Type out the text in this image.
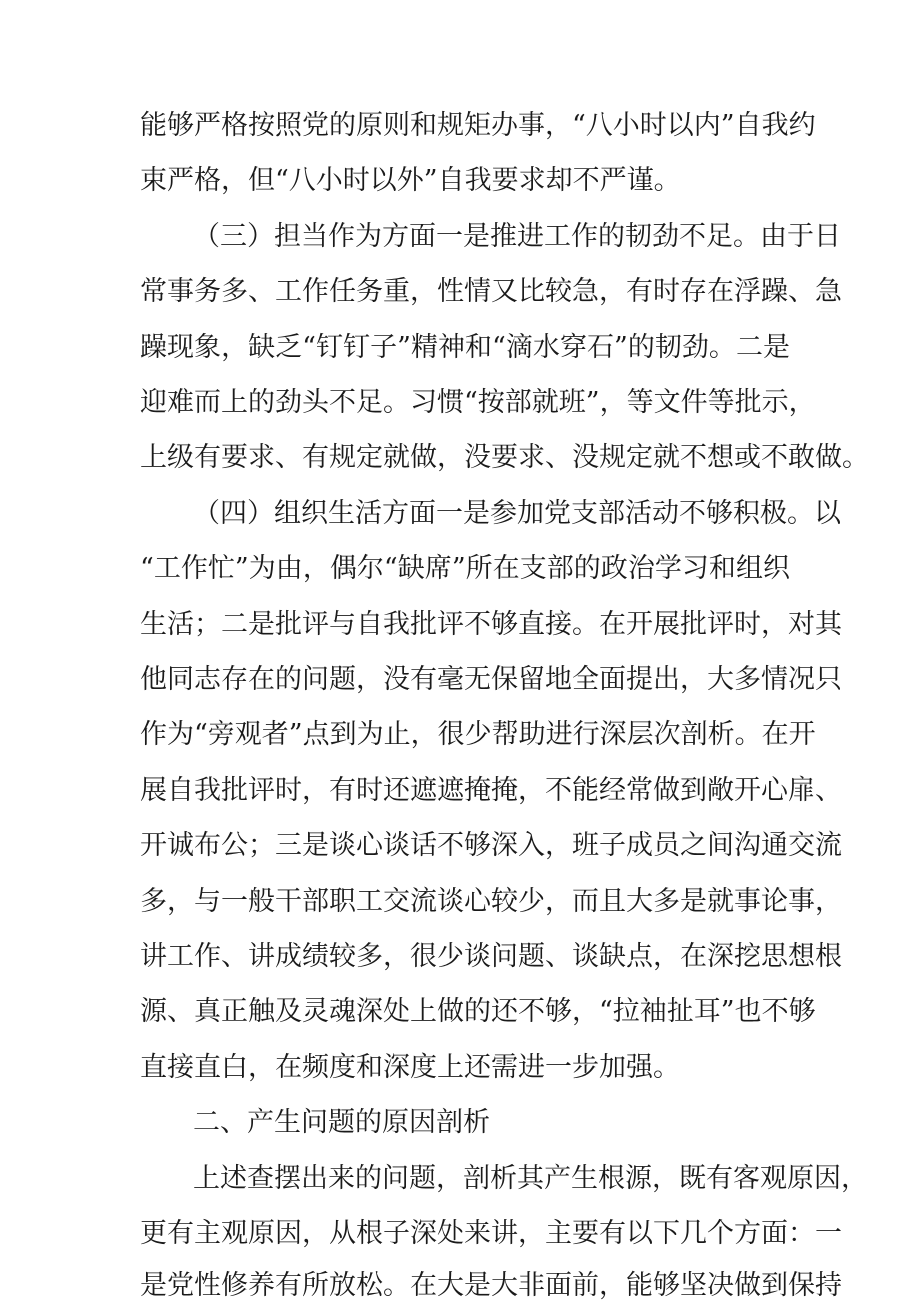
能够严格按照党的原则和规矩办事，“八小时以内”自我约
束严格，但“八小时以外”自我要求却不严谨。
（三）担当作为方面一是推进工作的韧劲不足。由于日
常事务多、工作任务重，性情又比较急，有时存在浮躁、急
躁现象，缺乏“钉钉子”精神和“滴水穿石”的韧劲。二是
迎难而上的劲头不足。习惯“按部就班”，等文件等批示，
上级有要求、有规定就做，没要求、没规定就不想或不敢做。
（四）组织生活方面一是参加党支部活动不够积极。以
“工作忙”为由，偶尔“缺席”所在支部的政治学习和组织
生活；二是批评与自我批评不够直接。在开展批评时，对其
他同志存在的问题，没有毫无保留地全面提出，大多情况只
作为“旁观者”点到为止，很少帮助进行深层次剖析。在开
展自我批评时，有时还遮遮掩掩，不能经常做到敞开心扉、
开诚布公；三是谈心谈话不够深入，班子成员之间沟通交流
多，与一般干部职工交流谈心较少，而且大多是就事论事，
讲工作、讲成绩较多，很少谈问题、谈缺点，在深挖思想根
源、真正触及灵魂深处上做的还不够，“拉袖扯耳”也不够
直接直白，在频度和深度上还需进一步加强。
二、产生问题的原因剖析
上述查摆出来的问题，剖析其产生根源，既有客观原因，
更有主观原因，从根子深处来讲，主要有以下几个方面：一
是党性修养有所放松。在大是大非面前，能够坚决做到保持
